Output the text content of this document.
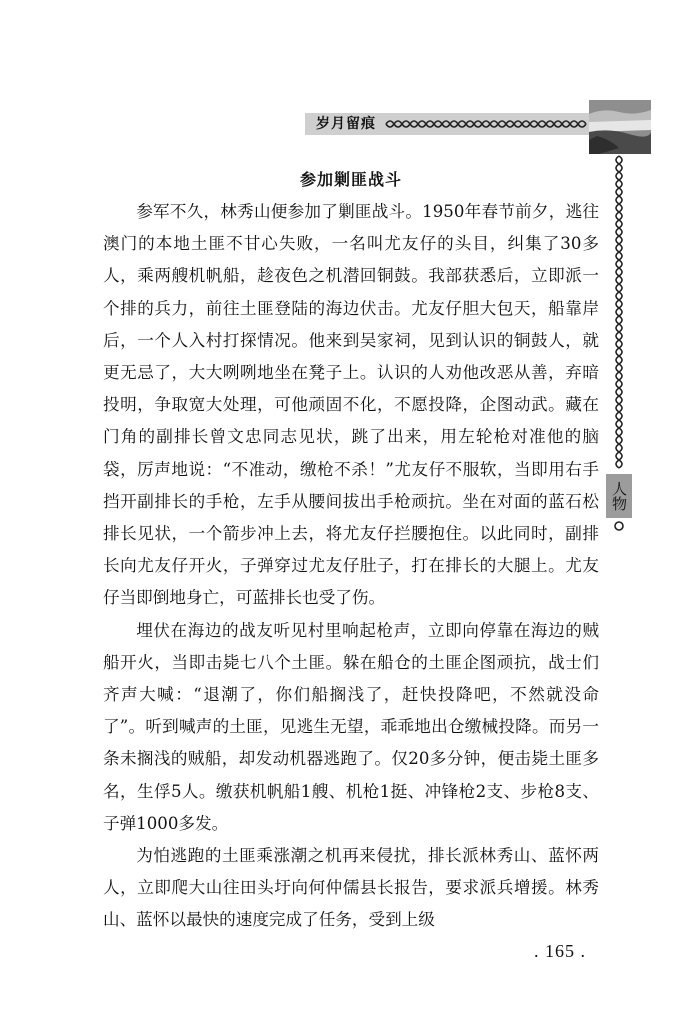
岁月留痕
人物
参加剿匪战斗

参军不久，林秀山便参加了剿匪战斗。1950年春节前夕，逃往澳门的本地土匪不甘心失败，一名叫尤友仔的头目，纠集了30多人，乘两艘机帆船，趁夜色之机潜回铜鼓。我部获悉后，立即派一个排的兵力，前往土匪登陆的海边伏击。尤友仔胆大包天，船靠岸后，一个人入村打探情况。他来到吴家祠，见到认识的铜鼓人，就更无忌了，大大咧咧地坐在凳子上。认识的人劝他改恶从善，弃暗投明，争取宽大处理，可他顽固不化，不愿投降，企图动武。藏在门角的副排长曾文忠同志见状，跳了出来，用左轮枪对准他的脑袋，厉声地说：“不准动，缴枪不杀！”尤友仔不服软，当即用右手挡开副排长的手枪，左手从腰间拔出手枪顽抗。坐在对面的蓝石松排长见状，一个箭步冲上去，将尤友仔拦腰抱住。以此同时，副排长向尤友仔开火，子弹穿过尤友仔肚子，打在排长的大腿上。尤友仔当即倒地身亡，可蓝排长也受了伤。

埋伏在海边的战友听见村里响起枪声，立即向停靠在海边的贼船开火，当即击毙七八个土匪。躲在船仓的土匪企图顽抗，战士们齐声大喊：“退潮了，你们船搁浅了，赶快投降吧，不然就没命了”。听到喊声的土匪，见逃生无望，乖乖地出仓缴械投降。而另一条未搁浅的贼船，却发动机器逃跑了。仅20多分钟，便击毙土匪多名，生俘5人。缴获机帆船1艘、机枪1挺、冲锋枪2支、步枪8支、子弹1000多发。

为怕逃跑的土匪乘涨潮之机再来侵扰，排长派林秀山、蓝怀两人，立即爬大山往田头圩向何仲儒县长报告，要求派兵增援。林秀山、蓝怀以最快的速度完成了任务，受到上级

. 165 .
